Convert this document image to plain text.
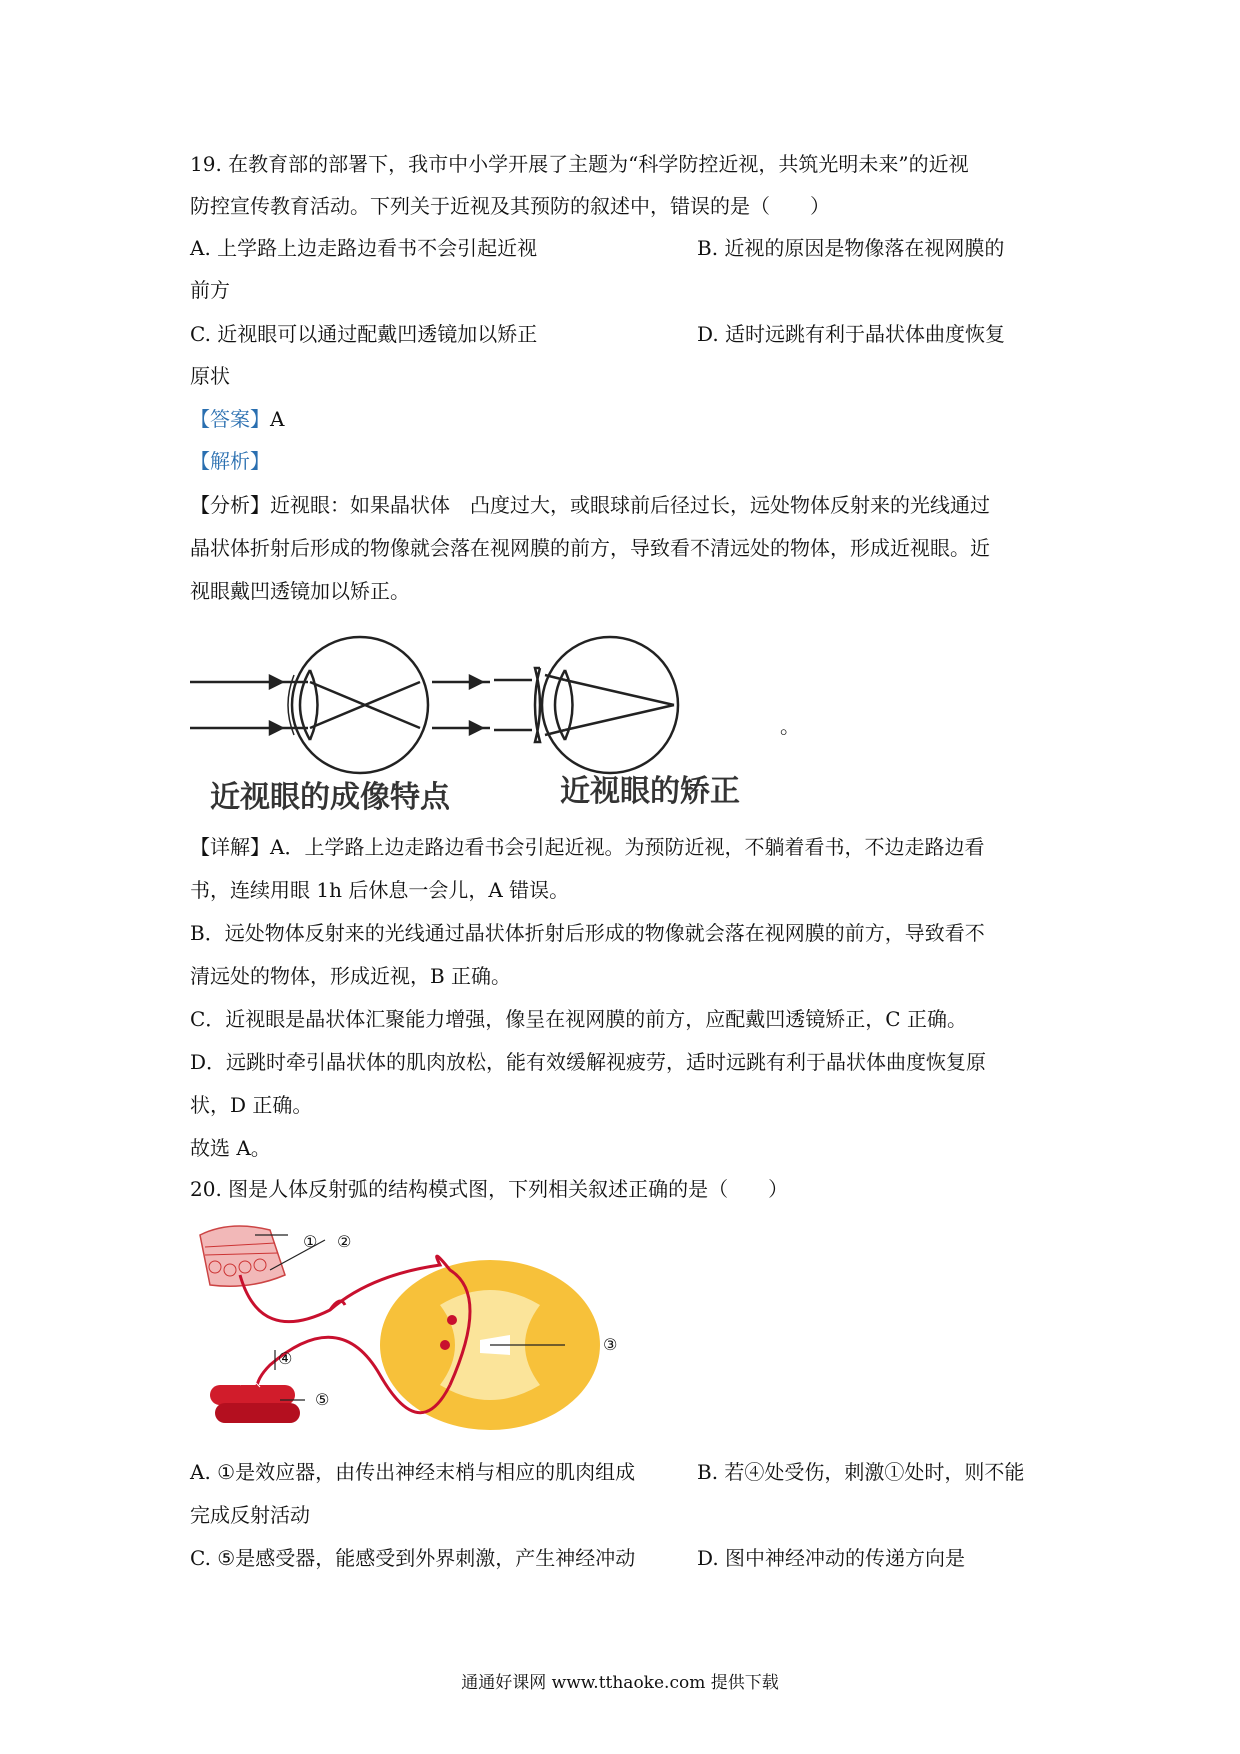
19. 在教育部的部署下，我市中小学开展了主题为“科学防控近视，共筑光明未来”的近视
防控宣传教育活动。下列关于近视及其预防的叙述中，错误的是（　　）
A. 上学路上边走路边看书不会引起近视	B. 近视的原因是物像落在视网膜的
前方
C. 近视眼可以通过配戴凹透镜加以矫正	D. 适时远跳有利于晶状体曲度恢复
原状
【答案】A
【解析】
【分析】近视眼：如果晶状体　凸度过大，或眼球前后径过长，远处物体反射来的光线通过
晶状体折射后形成的物像就会落在视网膜的前方，导致看不清远处的物体，形成近视眼。近
视眼戴凹透镜加以矫正。
近视眼的成像特点	近视眼的矫正
。
【详解】A．上学路上边走路边看书会引起近视。为预防近视，不躺着看书，不边走路边看
书，连续用眼 1h 后休息一会儿，A 错误。
B．远处物体反射来的光线通过晶状体折射后形成的物像就会落在视网膜的前方，导致看不
清远处的物体，形成近视，B 正确。
C．近视眼是晶状体汇聚能力增强，像呈在视网膜的前方，应配戴凹透镜矫正，C 正确。
D．远跳时牵引晶状体的肌肉放松，能有效缓解视疲劳，适时远跳有利于晶状体曲度恢复原
状，D 正确。
故选 A。
20. 图是人体反射弧的结构模式图，下列相关叙述正确的是（　　）
① ②
③
④
⑤
A. ①是效应器，由传出神经末梢与相应的肌肉组成	B. 若④处受伤，刺激①处时，则不能
完成反射活动
C. ⑤是感受器，能感受到外界刺激，产生神经冲动	D. 图中神经冲动的传递方向是
通通好课网 www.tthaoke.com 提供下载
